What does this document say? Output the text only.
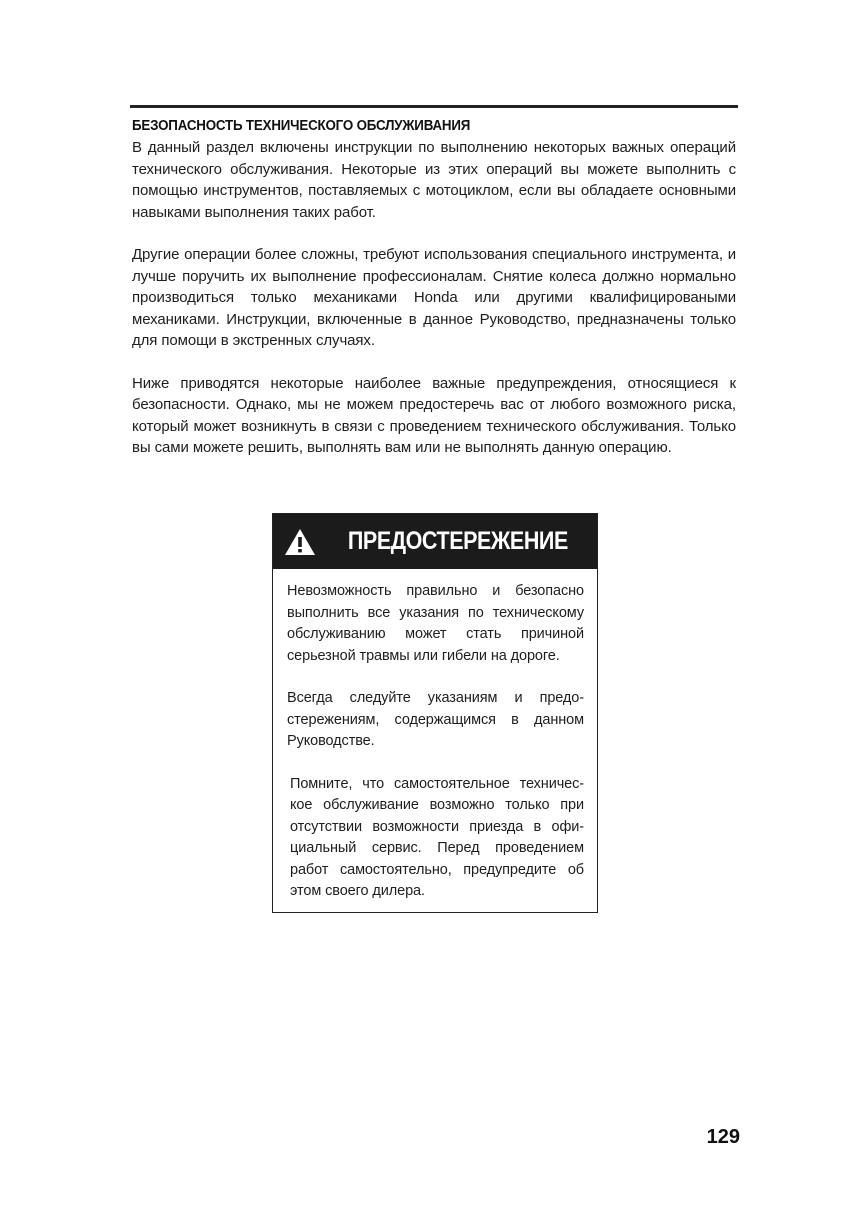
БЕЗОПАСНОСТЬ ТЕХНИЧЕСКОГО ОБСЛУЖИВАНИЯ

В данный раздел включены инструкции по выполнению некоторых важных операций технического обслуживания. Некоторые из этих операций вы можете выполнить с помощью инструментов, поставляемых с мотоциклом, если вы обладаете основными навыками выполнения таких работ.

Другие операции более сложны, требуют использования специального инструмента, и лучше поручить их выполнение профессионалам. Снятие колеса должно нормально производиться только механиками Honda или другими квалифицироваными механиками. Инструкции, включенные в данное Руководство, предназначены только для помощи в экстренных случаях.

Ниже приводятся некоторые наиболее важные предупреждения, относящиеся к безопасности. Однако, мы не можем предостеречь вас от любого возможного риска, который может возникнуть в связи с проведением технического обслуживания. Только вы сами можете решить, выполнять вам или не выполнять данную операцию.

ПРЕДОСТЕРЕЖЕНИЕ

Невозможность правильно и безопасно выполнить все указания по техническому обслуживанию может стать причиной серьезной травмы или гибели на дороге.

Всегда следуйте указаниям и предо-стережениям, содержащимся в данном Руководстве.

Помните, что самостоятельное техничес-кое обслуживание возможно только при отсутствии возможности приезда в офи-циальный сервис. Перед проведением работ самостоятельно, предупредите об этом своего дилера.

129
